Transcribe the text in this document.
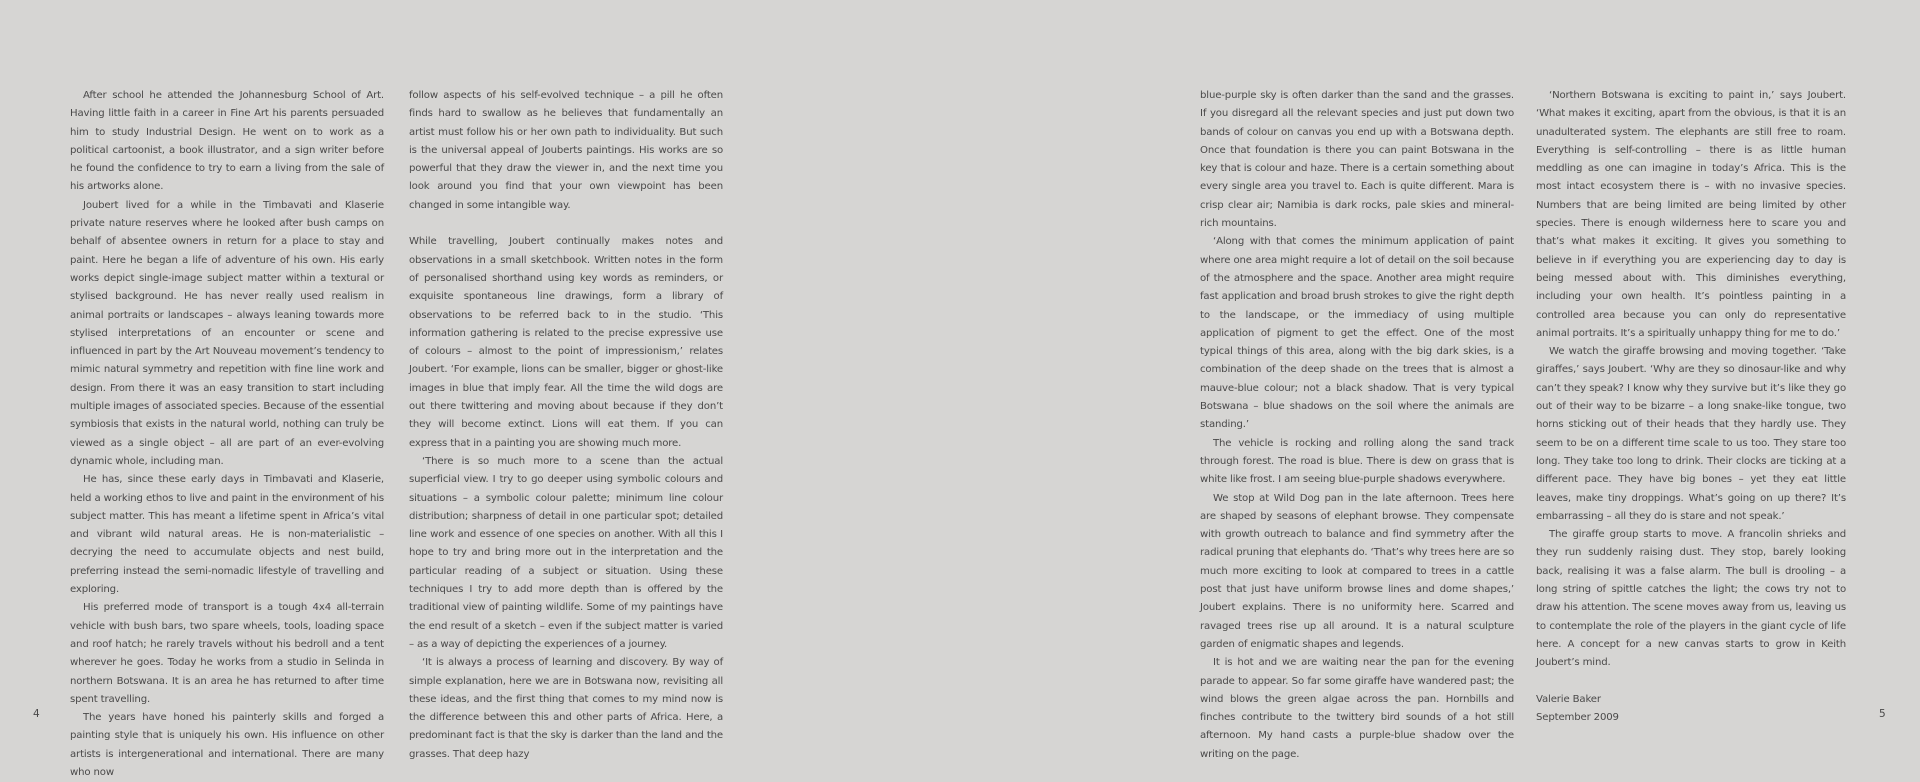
After school he attended the Johannesburg School of Art. Having little faith in a career in Fine Art his parents persuaded him to study Industrial Design. He went on to work as a political cartoonist, a book illustrator, and a sign writer before he found the confidence to try to earn a living from the sale of his artworks alone.

Joubert lived for a while in the Timbavati and Klaserie private nature reserves where he looked after bush camps on behalf of absentee owners in return for a place to stay and paint. Here he began a life of adventure of his own. His early works depict single-image subject matter within a textural or stylised background. He has never really used realism in animal portraits or landscapes – always leaning towards more stylised interpretations of an encounter or scene and influenced in part by the Art Nouveau movement’s tendency to mimic natural symmetry and repetition with fine line work and design. From there it was an easy transition to start including multiple images of associated species. Because of the essential symbiosis that exists in the natural world, nothing can truly be viewed as a single object – all are part of an ever-evolving dynamic whole, including man.

He has, since these early days in Timbavati and Klaserie, held a working ethos to live and paint in the environment of his subject matter. This has meant a lifetime spent in Africa’s vital and vibrant wild natural areas. He is non-materialistic – decrying the need to accumulate objects and nest build, preferring instead the semi-nomadic lifestyle of travelling and exploring.

His preferred mode of transport is a tough 4x4 all-terrain vehicle with bush bars, two spare wheels, tools, loading space and roof hatch; he rarely travels without his bedroll and a tent wherever he goes. Today he works from a studio in Selinda in northern Botswana. It is an area he has returned to after time spent travelling.

The years have honed his painterly skills and forged a painting style that is uniquely his own. His influence on other artists is intergenerational and international. There are many who now

follow aspects of his self-evolved technique – a pill he often finds hard to swallow as he believes that fundamentally an artist must follow his or her own path to individuality. But such is the universal appeal of Jouberts paintings. His works are so powerful that they draw the viewer in, and the next time you look around you find that your own viewpoint has been changed in some intangible way.

While travelling, Joubert continually makes notes and observations in a small sketchbook. Written notes in the form of personalised shorthand using key words as reminders, or exquisite spontaneous line drawings, form a library of observations to be referred back to in the studio. ‘This information gathering is related to the precise expressive use of colours – almost to the point of impressionism,’ relates Joubert. ‘For example, lions can be smaller, bigger or ghost-like images in blue that imply fear. All the time the wild dogs are out there twittering and moving about because if they don’t they will become extinct. Lions will eat them. If you can express that in a painting you are showing much more.

‘There is so much more to a scene than the actual superficial view. I try to go deeper using symbolic colours and situations – a symbolic colour palette; minimum line colour distribution; sharpness of detail in one particular spot; detailed line work and essence of one species on another. With all this I hope to try and bring more out in the interpretation and the particular reading of a subject or situation. Using these techniques I try to add more depth than is offered by the traditional view of painting wildlife. Some of my paintings have the end result of a sketch – even if the subject matter is varied – as a way of depicting the experiences of a journey.

‘It is always a process of learning and discovery. By way of simple explanation, here we are in Botswana now, revisiting all these ideas, and the first thing that comes to my mind now is the difference between this and other parts of Africa. Here, a predominant fact is that the sky is darker than the land and the grasses. That deep hazy

4

blue-purple sky is often darker than the sand and the grasses. If you disregard all the relevant species and just put down two bands of colour on canvas you end up with a Botswana depth. Once that foundation is there you can paint Botswana in the key that is colour and haze. There is a certain something about every single area you travel to. Each is quite different. Mara is crisp clear air; Namibia is dark rocks, pale skies and mineral-rich mountains.

‘Along with that comes the minimum application of paint where one area might require a lot of detail on the soil because of the atmosphere and the space. Another area might require fast application and broad brush strokes to give the right depth to the landscape, or the immediacy of using multiple application of pigment to get the effect. One of the most typical things of this area, along with the big dark skies, is a combination of the deep shade on the trees that is almost a mauve-blue colour; not a black shadow. That is very typical Botswana – blue shadows on the soil where the animals are standing.’

The vehicle is rocking and rolling along the sand track through forest. The road is blue. There is dew on grass that is white like frost. I am seeing blue-purple shadows everywhere.

We stop at Wild Dog pan in the late afternoon. Trees here are shaped by seasons of elephant browse. They compensate with growth outreach to balance and find symmetry after the radical pruning that elephants do. ‘That’s why trees here are so much more exciting to look at compared to trees in a cattle post that just have uniform browse lines and dome shapes,’ Joubert explains. There is no uniformity here. Scarred and ravaged trees rise up all around. It is a natural sculpture garden of enigmatic shapes and legends.

It is hot and we are waiting near the pan for the evening parade to appear. So far some giraffe have wandered past; the wind blows the green algae across the pan. Hornbills and finches contribute to the twittery bird sounds of a hot still afternoon. My hand casts a purple-blue shadow over the writing on the page.

‘Northern Botswana is exciting to paint in,’ says Joubert. ‘What makes it exciting, apart from the obvious, is that it is an unadulterated system. The elephants are still free to roam. Everything is self-controlling – there is as little human meddling as one can imagine in today’s Africa. This is the most intact ecosystem there is – with no invasive species. Numbers that are being limited are being limited by other species. There is enough wilderness here to scare you and that’s what makes it exciting. It gives you something to believe in if everything you are experiencing day to day is being messed about with. This diminishes everything, including your own health. It’s pointless painting in a controlled area because you can only do representative animal portraits. It’s a spiritually unhappy thing for me to do.’

We watch the giraffe browsing and moving together. ‘Take giraffes,’ says Joubert. ‘Why are they so dinosaur-like and why can’t they speak? I know why they survive but it’s like they go out of their way to be bizarre – a long snake-like tongue, two horns sticking out of their heads that they hardly use. They seem to be on a different time scale to us too. They stare too long. They take too long to drink. Their clocks are ticking at a different pace. They have big bones – yet they eat little leaves, make tiny droppings. What’s going on up there? It’s embarrassing – all they do is stare and not speak.’

The giraffe group starts to move. A francolin shrieks and they run suddenly raising dust. They stop, barely looking back, realising it was a false alarm. The bull is drooling – a long string of spittle catches the light; the cows try not to draw his attention. The scene moves away from us, leaving us to contemplate the role of the players in the giant cycle of life here. A concept for a new canvas starts to grow in Keith Joubert’s mind.

Valerie Baker

September 2009	5
